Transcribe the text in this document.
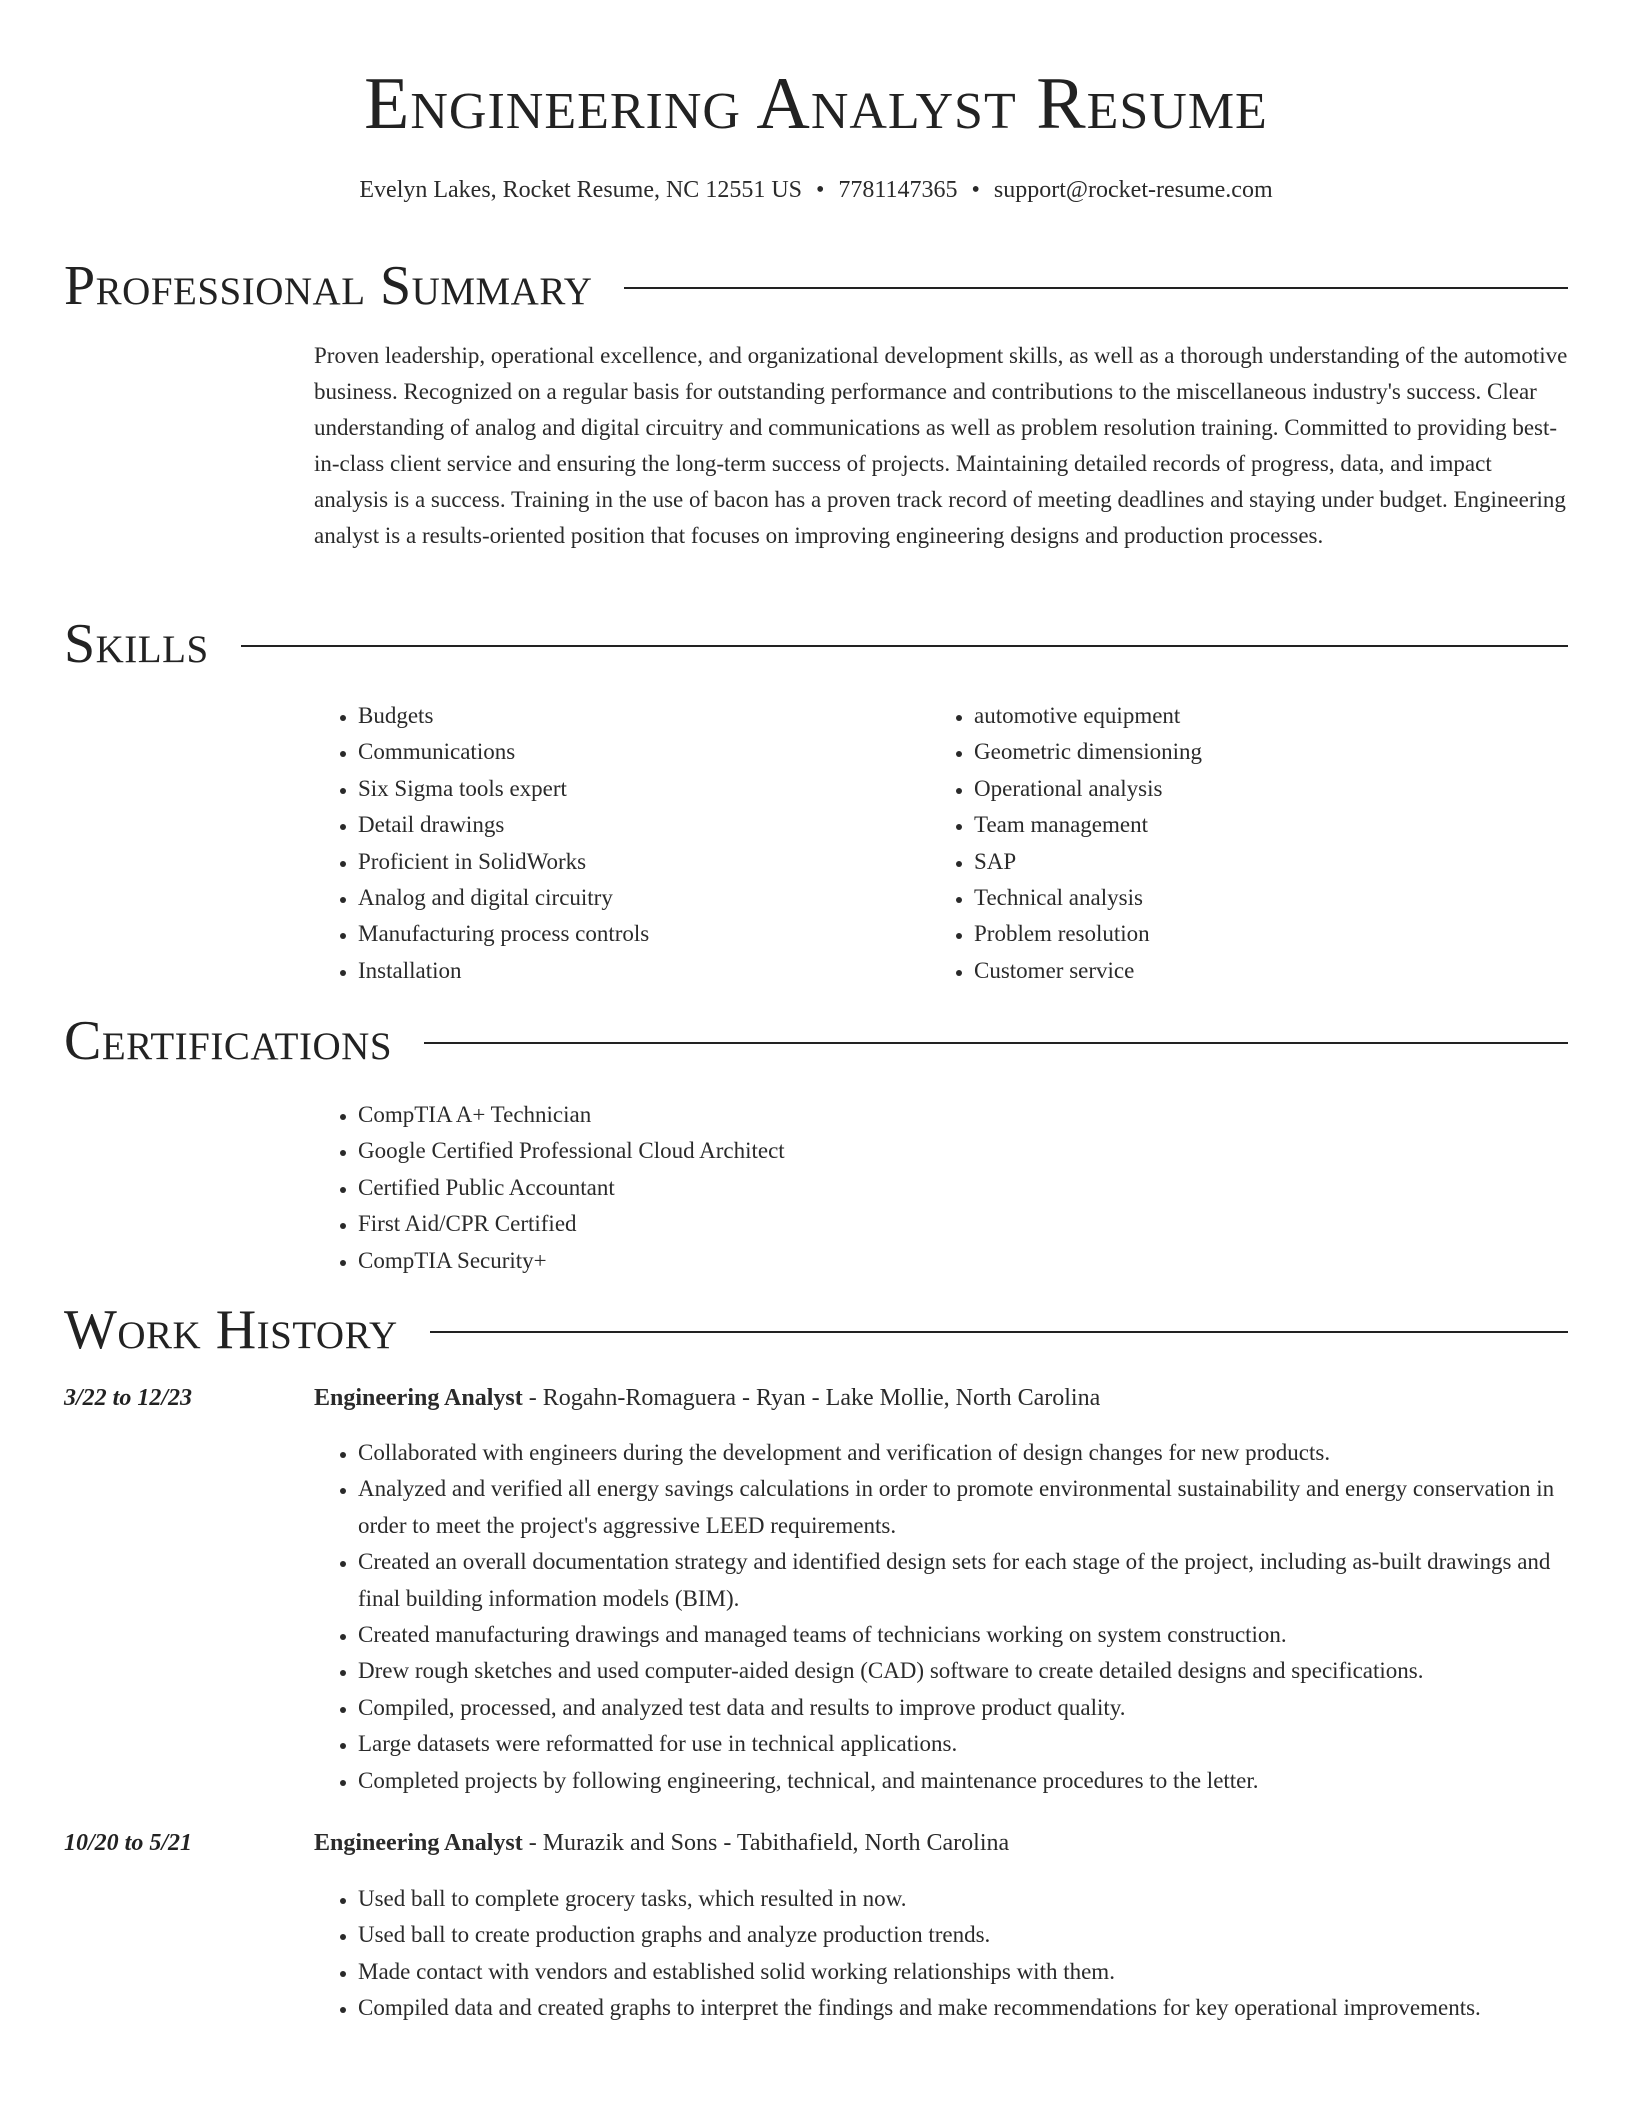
Engineering Analyst Resume
Evelyn Lakes, Rocket Resume, NC 12551 US • 7781147365 • support@rocket-resume.com
Professional Summary

Proven leadership, operational excellence, and organizational development skills, as well as a thorough understanding of the automotive business. Recognized on a regular basis for outstanding performance and contributions to the miscellaneous industry's success. Clear understanding of analog and digital circuitry and communications as well as problem resolution training. Committed to providing best-in-class client service and ensuring the long-term success of projects. Maintaining detailed records of progress, data, and impact analysis is a success. Training in the use of bacon has a proven track record of meeting deadlines and staying under budget. Engineering analyst is a results-oriented position that focuses on improving engineering designs and production processes.

Skills
• Budgets
• Communications
• Six Sigma tools expert
• Detail drawings
• Proficient in SolidWorks
• Analog and digital circuitry
• Manufacturing process controls
• Installation
• automotive equipment
• Geometric dimensioning
• Operational analysis
• Team management
• SAP
• Technical analysis
• Problem resolution
• Customer service
Certifications
• CompTIA A+ Technician
• Google Certified Professional Cloud Architect
• Certified Public Accountant
• First Aid/CPR Certified
• CompTIA Security+
Work History
3/22 to 12/23	Engineering Analyst - Rogahn-Romaguera - Ryan - Lake Mollie, North Carolina
• Collaborated with engineers during the development and verification of design changes for new products.
• Analyzed and verified all energy savings calculations in order to promote environmental sustainability and energy conservation in order to meet the project's aggressive LEED requirements.
• Created an overall documentation strategy and identified design sets for each stage of the project, including as-built drawings and final building information models (BIM).
• Created manufacturing drawings and managed teams of technicians working on system construction.
• Drew rough sketches and used computer-aided design (CAD) software to create detailed designs and specifications.
• Compiled, processed, and analyzed test data and results to improve product quality.
• Large datasets were reformatted for use in technical applications.
• Completed projects by following engineering, technical, and maintenance procedures to the letter.
10/20 to 5/21	Engineering Analyst - Murazik and Sons - Tabithafield, North Carolina
• Used ball to complete grocery tasks, which resulted in now.
• Used ball to create production graphs and analyze production trends.
• Made contact with vendors and established solid working relationships with them.
• Compiled data and created graphs to interpret the findings and make recommendations for key operational improvements.
